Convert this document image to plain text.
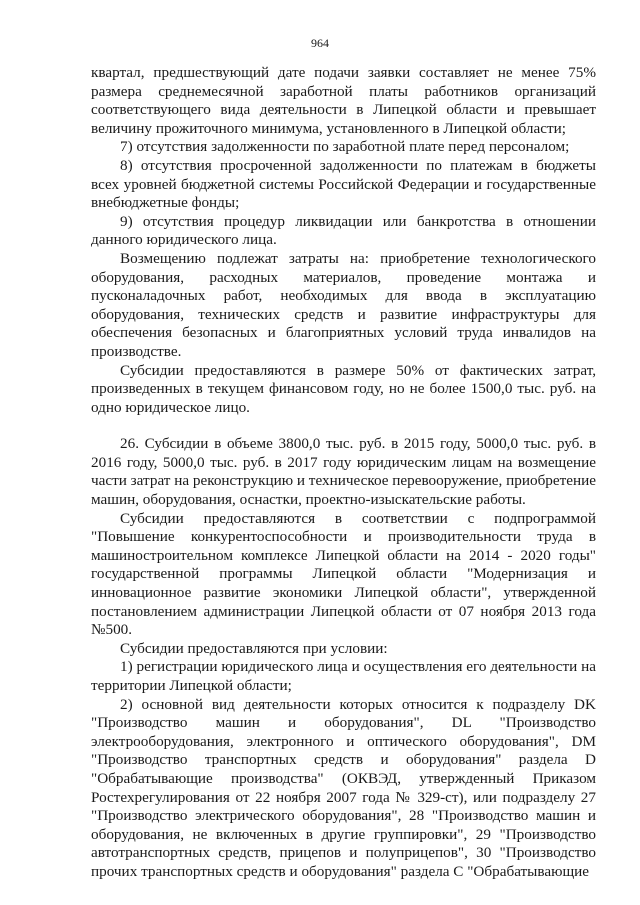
964

квартал, предшествующий дате подачи заявки составляет не менее 75% размера среднемесячной заработной платы работников организаций соответствующего вида деятельности в Липецкой области и превышает величину прожиточного минимума, установленного в Липецкой области;

7) отсутствия задолженности по заработной плате перед персоналом;

8) отсутствия просроченной задолженности по платежам в бюджеты всех уровней бюджетной системы Российской Федерации и государственные внебюджетные фонды;

9) отсутствия процедур ликвидации или банкротства в отношении данного юридического лица.

Возмещению подлежат затраты на: приобретение технологического оборудования, расходных материалов, проведение монтажа и пусконаладочных работ, необходимых для ввода в эксплуатацию оборудования, технических средств и развитие инфраструктуры для обеспечения безопасных и благоприятных условий труда инвалидов на производстве.

Субсидии предоставляются в размере 50% от фактических затрат, произведенных в текущем финансовом году, но не более 1500,0 тыс. руб. на одно юридическое лицо.

26. Субсидии в объеме 3800,0 тыс. руб. в 2015 году, 5000,0 тыс. руб. в 2016 году, 5000,0 тыс. руб. в 2017 году юридическим лицам на возмещение части затрат на реконструкцию и техническое перевооружение, приобретение машин, оборудования, оснастки, проектно-изыскательские работы.

Субсидии предоставляются в соответствии с подпрограммой "Повышение конкурентоспособности и производительности труда в машиностроительном комплексе Липецкой области на 2014 - 2020 годы" государственной программы Липецкой области "Модернизация и инновационное развитие экономики Липецкой области", утвержденной постановлением администрации Липецкой области от 07 ноября 2013 года №500.

Субсидии предоставляются при условии:

1) регистрации юридического лица и осуществления его деятельности на территории Липецкой области;

2) основной вид деятельности которых относится к подразделу DK "Производство машин и оборудования", DL "Производство электрооборудования, электронного и оптического оборудования", DM "Производство транспортных средств и оборудования" раздела D "Обрабатывающие производства" (ОКВЭД, утвержденный Приказом Ростехрегулирования от 22 ноября 2007 года № 329-ст), или подразделу 27 "Производство электрического оборудования", 28 "Производство машин и оборудования, не включенных в другие группировки", 29 "Производство автотранспортных средств, прицепов и полуприцепов", 30 "Производство прочих транспортных средств и оборудования" раздела C "Обрабатывающие
